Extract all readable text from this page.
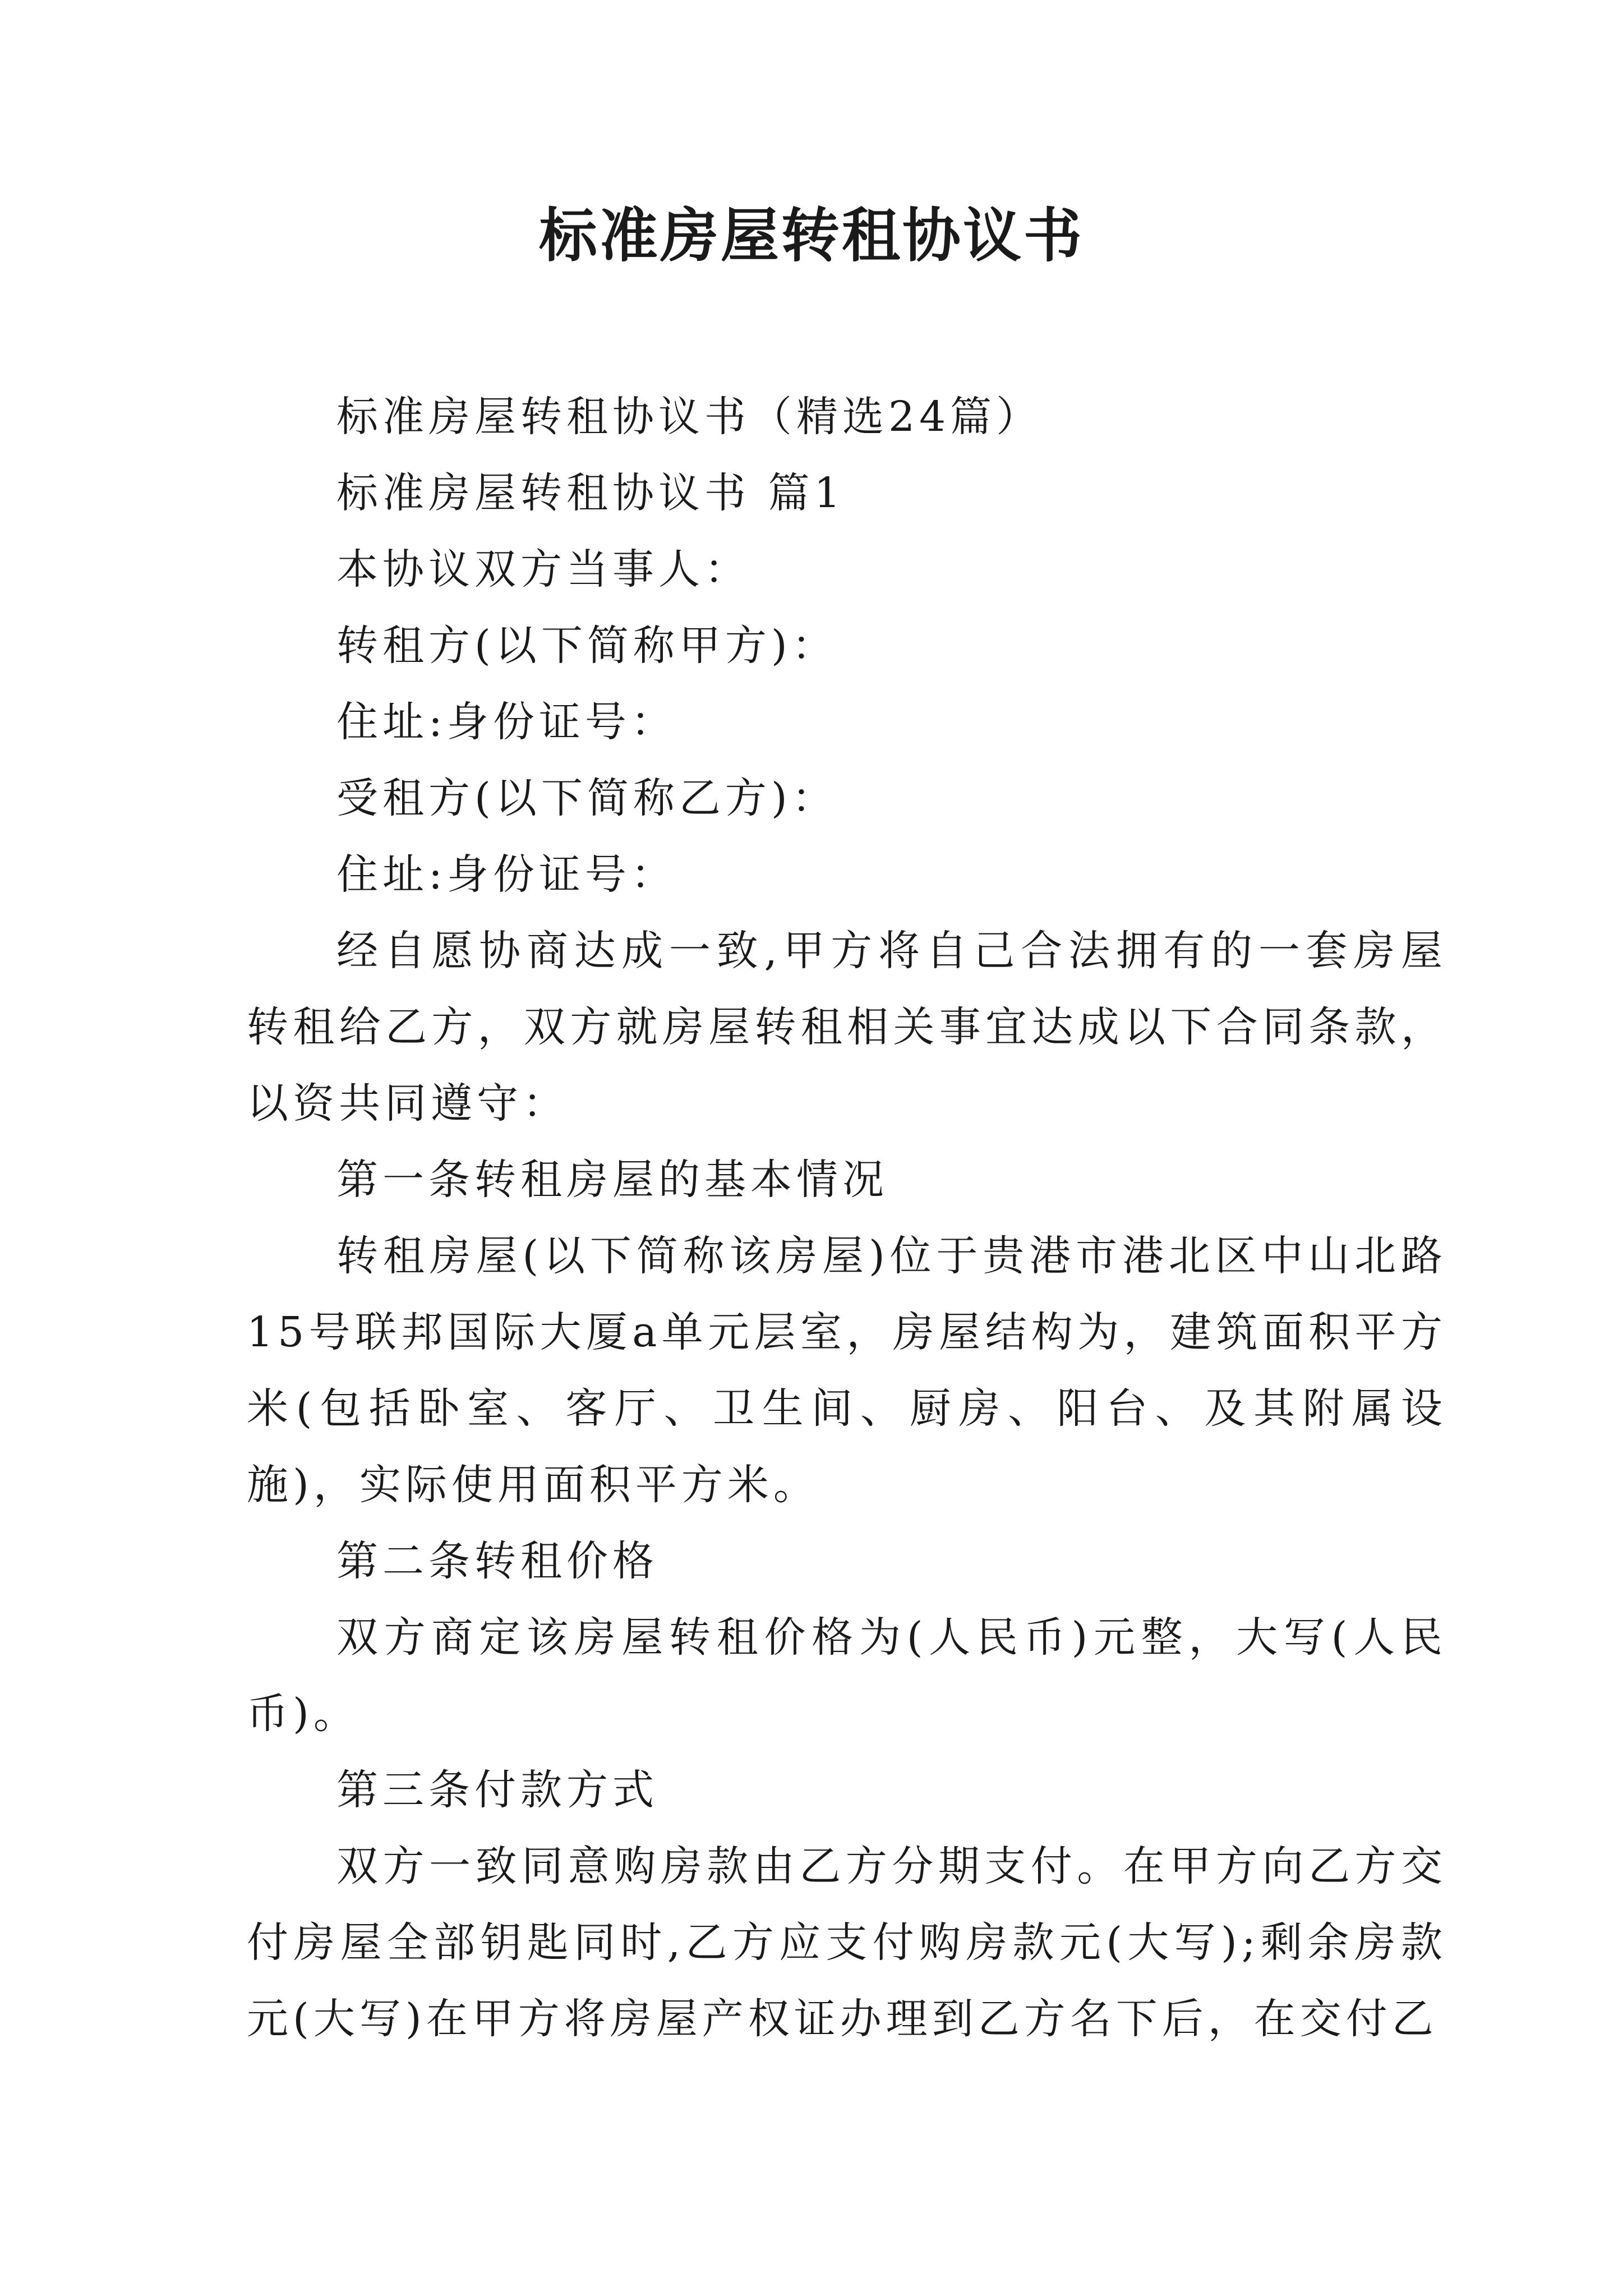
标准房屋转租协议书

标准房屋转租协议书（精选24篇）

标准房屋转租协议书 篇1

本协议双方当事人：

转租方(以下简称甲方)：

住址:身份证号：

受租方(以下简称乙方)：

住址:身份证号：

经自愿协商达成一致,甲方将自己合法拥有的一套房屋转租给乙方，双方就房屋转租相关事宜达成以下合同条款，以资共同遵守：

第一条转租房屋的基本情况

转租房屋(以下简称该房屋)位于贵港市港北区中山北路15号联邦国际大厦a单元层室，房屋结构为，建筑面积平方米(包括卧室、客厅、卫生间、厨房、阳台、及其附属设施)，实际使用面积平方米。

第二条转租价格

双方商定该房屋转租价格为(人民币)元整，大写(人民币)。

第三条付款方式

双方一致同意购房款由乙方分期支付。在甲方向乙方交付房屋全部钥匙同时,乙方应支付购房款元(大写);剩余房款元(大写)在甲方将房屋产权证办理到乙方名下后，在交付乙
